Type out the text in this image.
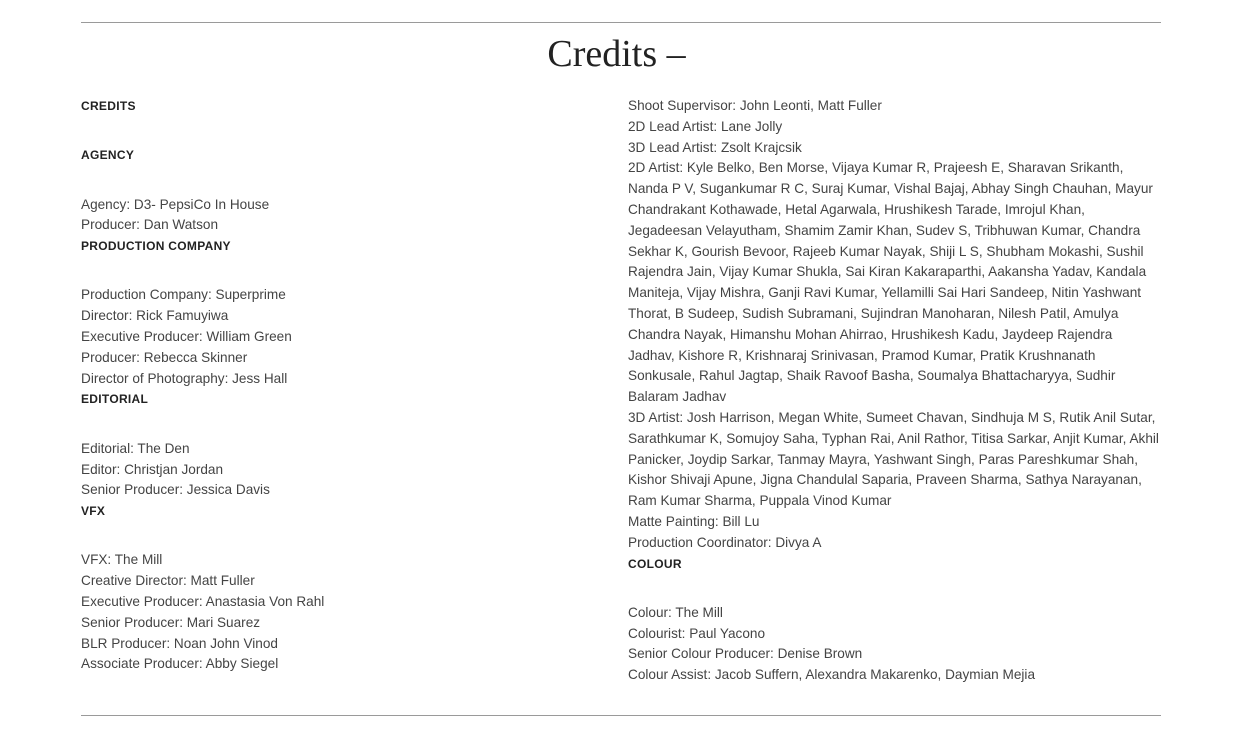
Credits –
CREDITS
AGENCY
Agency: D3- PepsiCo In House
Producer: Dan Watson
PRODUCTION COMPANY
Production Company: Superprime
Director: Rick Famuyiwa
Executive Producer: William Green
Producer: Rebecca Skinner
Director of Photography: Jess Hall
EDITORIAL
Editorial: The Den
Editor: Christjan Jordan
Senior Producer: Jessica Davis
VFX
VFX: The Mill
Creative Director: Matt Fuller
Executive Producer: Anastasia Von Rahl
Senior Producer: Mari Suarez
BLR Producer: Noan John Vinod
Associate Producer: Abby Siegel
Shoot Supervisor: John Leonti, Matt Fuller
2D Lead Artist: Lane Jolly
3D Lead Artist: Zsolt Krajcsik
2D Artist: Kyle Belko, Ben Morse, Vijaya Kumar R, Prajeesh E, Sharavan Srikanth, Nanda P V, Sugankumar R C, Suraj Kumar, Vishal Bajaj, Abhay Singh Chauhan, Mayur Chandrakant Kothawade, Hetal Agarwala, Hrushikesh Tarade, Imrojul Khan, Jegadeesan Velayutham, Shamim Zamir Khan, Sudev S, Tribhuwan Kumar, Chandra Sekhar K, Gourish Bevoor, Rajeeb Kumar Nayak, Shiji L S, Shubham Mokashi, Sushil Rajendra Jain, Vijay Kumar Shukla, Sai Kiran Kakaraparthi, Aakansha Yadav, Kandala Maniteja, Vijay Mishra, Ganji Ravi Kumar, Yellamilli Sai Hari Sandeep, Nitin Yashwant Thorat, B Sudeep, Sudish Subramani, Sujindran Manoharan, Nilesh Patil, Amulya Chandra Nayak, Himanshu Mohan Ahirrao, Hrushikesh Kadu, Jaydeep Rajendra Jadhav, Kishore R, Krishnaraj Srinivasan, Pramod Kumar, Pratik Krushnanath Sonkusale, Rahul Jagtap, Shaik Ravoof Basha, Soumalya Bhattacharyya, Sudhir Balaram Jadhav
3D Artist: Josh Harrison, Megan White, Sumeet Chavan, Sindhuja M S, Rutik Anil Sutar, Sarathkumar K, Somujoy Saha, Typhan Rai, Anil Rathor, Titisa Sarkar, Anjit Kumar, Akhil Panicker, Joydip Sarkar, Tanmay Mayra, Yashwant Singh, Paras Pareshkumar Shah, Kishor Shivaji Apune, Jigna Chandulal Saparia, Praveen Sharma, Sathya Narayanan, Ram Kumar Sharma, Puppala Vinod Kumar
Matte Painting: Bill Lu
Production Coordinator: Divya A
COLOUR
Colour: The Mill
Colourist: Paul Yacono
Senior Colour Producer: Denise Brown
Colour Assist: Jacob Suffern, Alexandra Makarenko, Daymian Mejia
